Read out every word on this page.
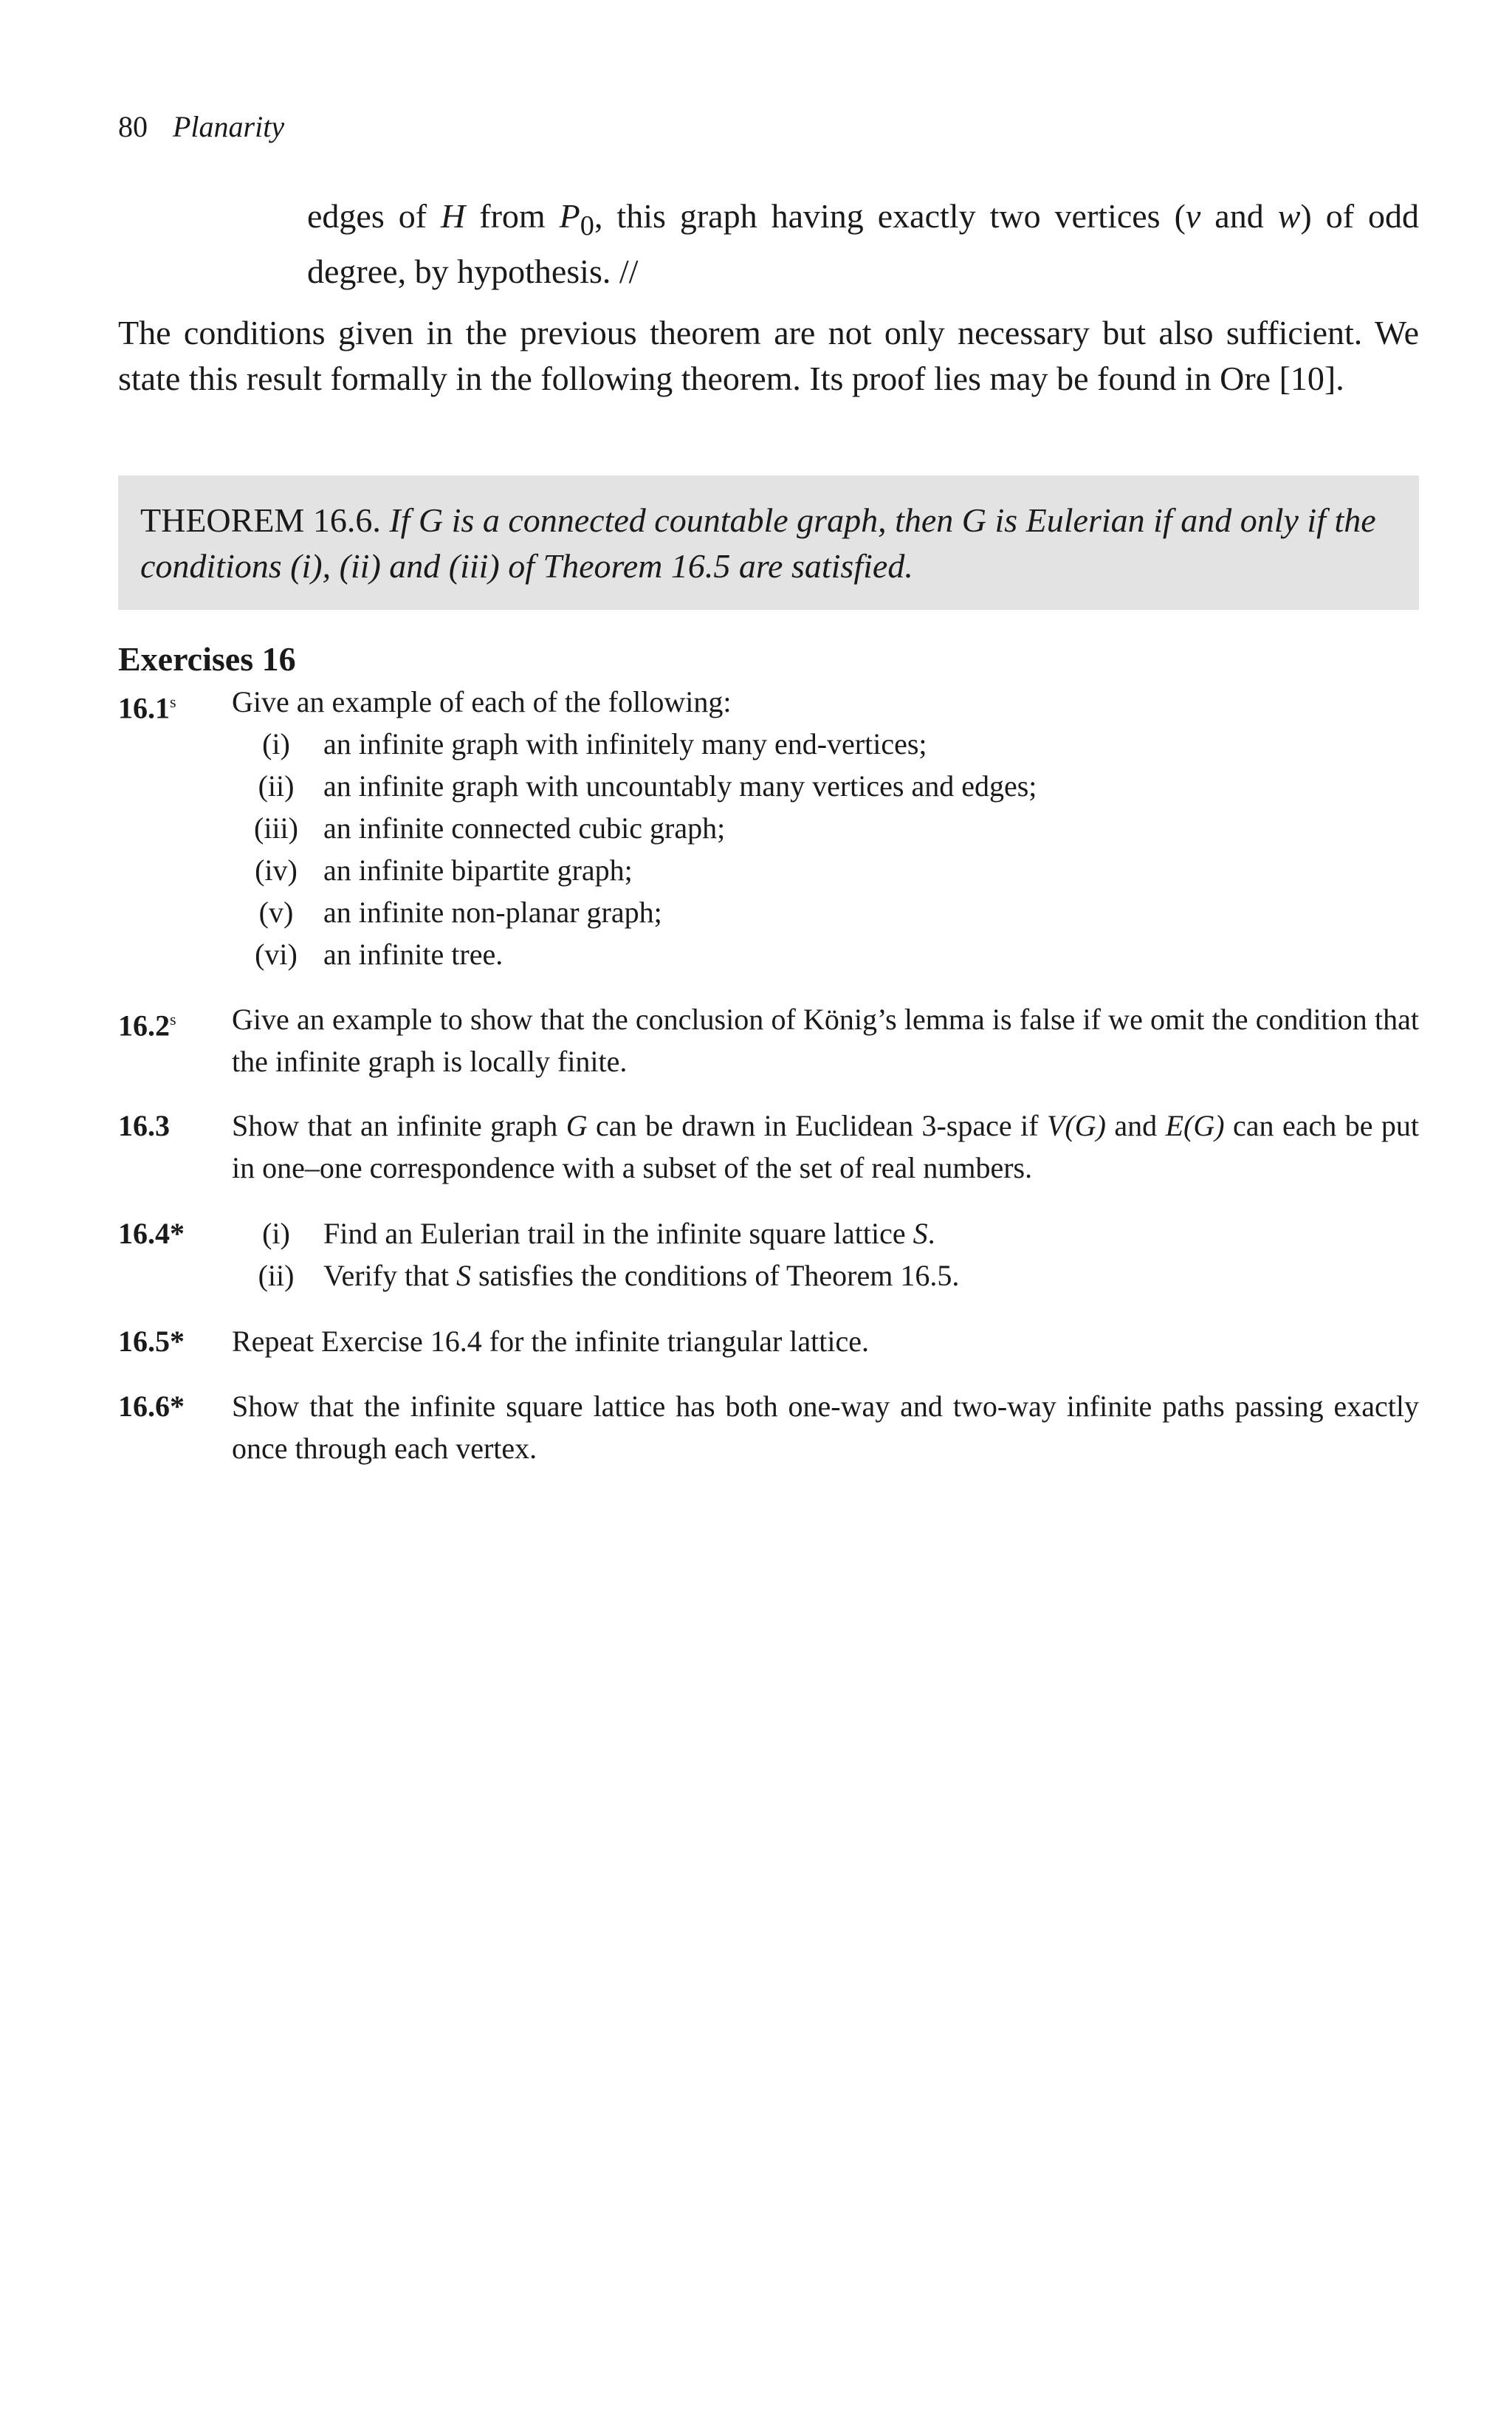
80 Planarity
edges of H from $P_0$, this graph having exactly two vertices (v and w) of odd degree, by hypothesis. //
The conditions given in the previous theorem are not only necessary but also sufficient. We state this result formally in the following theorem. Its proof lies may be found in Ore [10].
THEOREM 16.6. If G is a connected countable graph, then G is Eulerian if and only if the conditions (i), (ii) and (iii) of Theorem 16.5 are satisfied.
Exercises 16
16.1$^s$ Give an example of each of the following:
(i)	an infinite graph with infinitely many end-vertices;
(ii) an infinite graph with uncountably many vertices and edges;
(iii) an infinite connected cubic graph;
(iv) an infinite bipartite graph;
(v)	an infinite non-planar graph;
(vi) an infinite tree.
16.2$^s$ Give an example to show that the conclusion of König’s lemma is false if we omit the condition that the infinite graph is locally finite.
16.3 Show that an infinite graph G can be drawn in Euclidean 3-space if V(G) and E(G) can each be put in one–one correspondence with a subset of the set of real numbers.
16.4*	(i)	Find an Eulerian trail in the infinite square lattice S.
(ii) Verify that S satisfies the conditions of Theorem 16.5.
16.5* Repeat Exercise 16.4 for the infinite triangular lattice.
16.6* Show that the infinite square lattice has both one-way and two-way infinite paths passing exactly once through each vertex.
